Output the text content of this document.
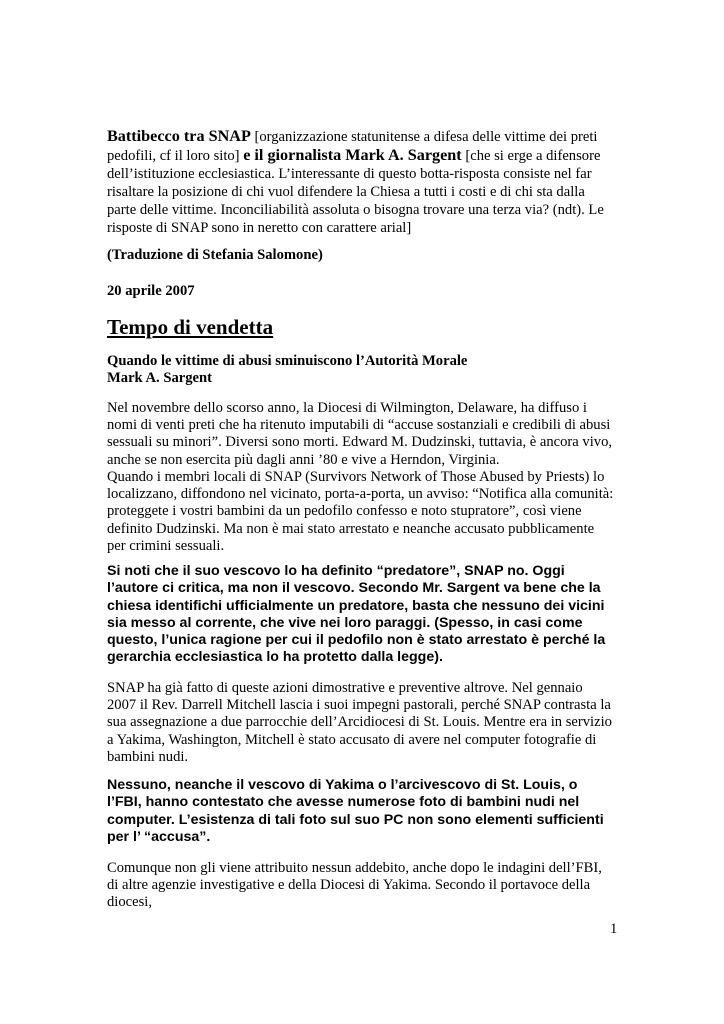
Battibecco tra SNAP [organizzazione statunitense a difesa delle vittime dei preti pedofili, cf il loro sito] e il giornalista Mark A. Sargent [che si erge a difensore dell’istituzione ecclesiastica. L’interessante di questo botta-risposta consiste nel far risaltare la posizione di chi vuol difendere la Chiesa a tutti i costi e di chi sta dalla parte delle vittime. Inconciliabilità assoluta o bisogna trovare una terza via? (ndt). Le risposte di SNAP sono in neretto con carattere arial]

(Traduzione di Stefania Salomone)

20 aprile 2007

Tempo di vendetta

Quando le vittime di abusi sminuiscono l’Autorità Morale

Mark A. Sargent

Nel novembre dello scorso anno, la Diocesi di Wilmington, Delaware, ha diffuso i nomi di venti preti che ha ritenuto imputabili di “accuse sostanziali e credibili di abusi sessuali su minori”. Diversi sono morti. Edward M. Dudzinski, tuttavia, è ancora vivo, anche se non esercita più dagli anni ’80 e vive a Herndon, Virginia.

Quando i membri locali di SNAP (Survivors Network of Those Abused by Priests) lo localizzano, diffondono nel vicinato, porta-a-porta, un avviso: “Notifica alla comunità: proteggete i vostri bambini da un pedofilo confesso e noto stupratore”, così viene definito Dudzinski. Ma non è mai stato arrestato e neanche accusato pubblicamente per crimini sessuali.

Si noti che il suo vescovo lo ha definito “predatore”, SNAP no. Oggi l’autore ci critica, ma non il vescovo. Secondo Mr. Sargent va bene che la chiesa identifichi ufficialmente un predatore, basta che nessuno dei vicini sia messo al corrente, che vive nei loro paraggi. (Spesso, in casi come questo, l’unica ragione per cui il pedofilo non è stato arrestato è perché la gerarchia ecclesiastica lo ha protetto dalla legge).

SNAP ha già fatto di queste azioni dimostrative e preventive altrove. Nel gennaio 2007 il Rev. Darrell Mitchell lascia i suoi impegni pastorali, perché SNAP contrasta la sua assegnazione a due parrocchie dell’Arcidiocesi di St. Louis. Mentre era in servizio a Yakima, Washington, Mitchell è stato accusato di avere nel computer fotografie di bambini nudi.

Nessuno, neanche il vescovo di Yakima o l’arcivescovo di St. Louis, o l’FBI, hanno contestato che avesse numerose foto di bambini nudi nel computer. L’esistenza di tali foto sul suo PC non sono elementi sufficienti per l’ “accusa”.

Comunque non gli viene attribuito nessun addebito, anche dopo le indagini dell’FBI, di altre agenzie investigative e della Diocesi di Yakima. Secondo il portavoce della diocesi,

1
